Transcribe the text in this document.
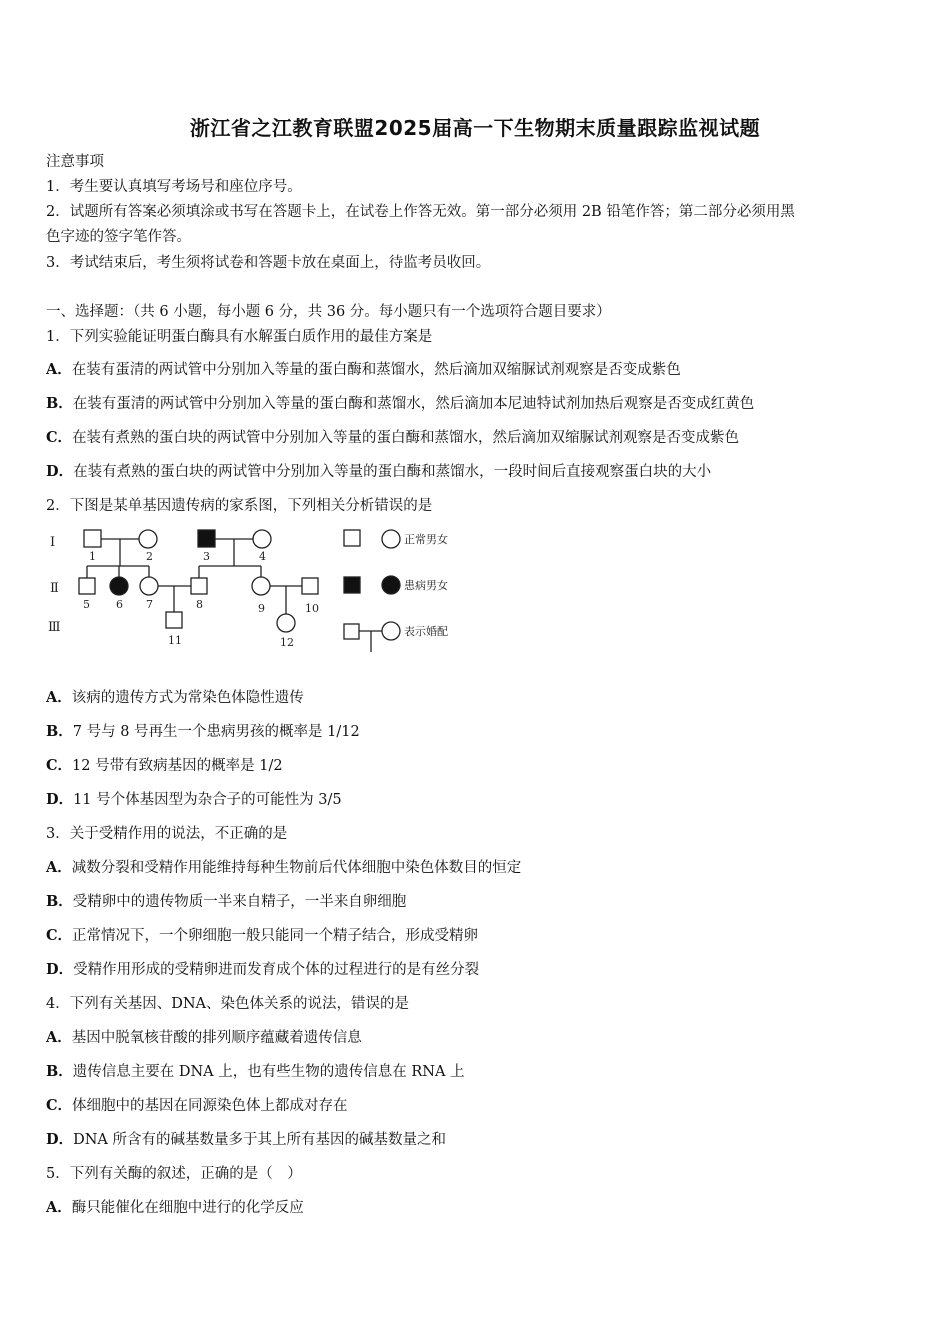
浙江省之江教育联盟2025届高一下生物期末质量跟踪监视试题
注意事项
1．考生要认真填写考场号和座位序号。
2．试题所有答案必须填涂或书写在答题卡上，在试卷上作答无效。第一部分必须用 2B 铅笔作答；第二部分必须用黑
色字迹的签字笔作答。
3．考试结束后，考生须将试卷和答题卡放在桌面上，待监考员收回。
一、选择题：（共 6 小题，每小题 6 分，共 36 分。每小题只有一个选项符合题目要求）
1．下列实验能证明蛋白酶具有水解蛋白质作用的最佳方案是
A．在装有蛋清的两试管中分别加入等量的蛋白酶和蒸馏水，然后滴加双缩脲试剂观察是否变成紫色
B．在装有蛋清的两试管中分别加入等量的蛋白酶和蒸馏水，然后滴加本尼迪特试剂加热后观察是否变成红黄色
C．在装有煮熟的蛋白块的两试管中分别加入等量的蛋白酶和蒸馏水，然后滴加双缩脲试剂观察是否变成紫色
D．在装有煮熟的蛋白块的两试管中分别加入等量的蛋白酶和蒸馏水，一段时间后直接观察蛋白块的大小
2．下图是某单基因遗传病的家系图，下列相关分析错误的是
Ⅰ
Ⅱ
Ⅲ
1	2	3	4
5 6 7	8	9	10
11	12
正常男女
患病男女
表示婚配
A．该病的遗传方式为常染色体隐性遗传
B．7 号与 8 号再生一个患病男孩的概率是 1/12
C．12 号带有致病基因的概率是 1/2
D．11 号个体基因型为杂合子的可能性为 3/5
3．关于受精作用的说法，不正确的是
A．减数分裂和受精作用能维持每种生物前后代体细胞中染色体数目的恒定
B．受精卵中的遗传物质一半来自精子，一半来自卵细胞
C．正常情况下，一个卵细胞一般只能同一个精子结合，形成受精卵
D．受精作用形成的受精卵进而发育成个体的过程进行的是有丝分裂
4．下列有关基因、DNA、染色体关系的说法，错误的是
A．基因中脱氧核苷酸的排列顺序蕴藏着遗传信息
B．遗传信息主要在 DNA 上，也有些生物的遗传信息在 RNA 上
C．体细胞中的基因在同源染色体上都成对存在
D．DNA 所含有的碱基数量多于其上所有基因的碱基数量之和
5．下列有关酶的叙述，正确的是（　）
A．酶只能催化在细胞中进行的化学反应
